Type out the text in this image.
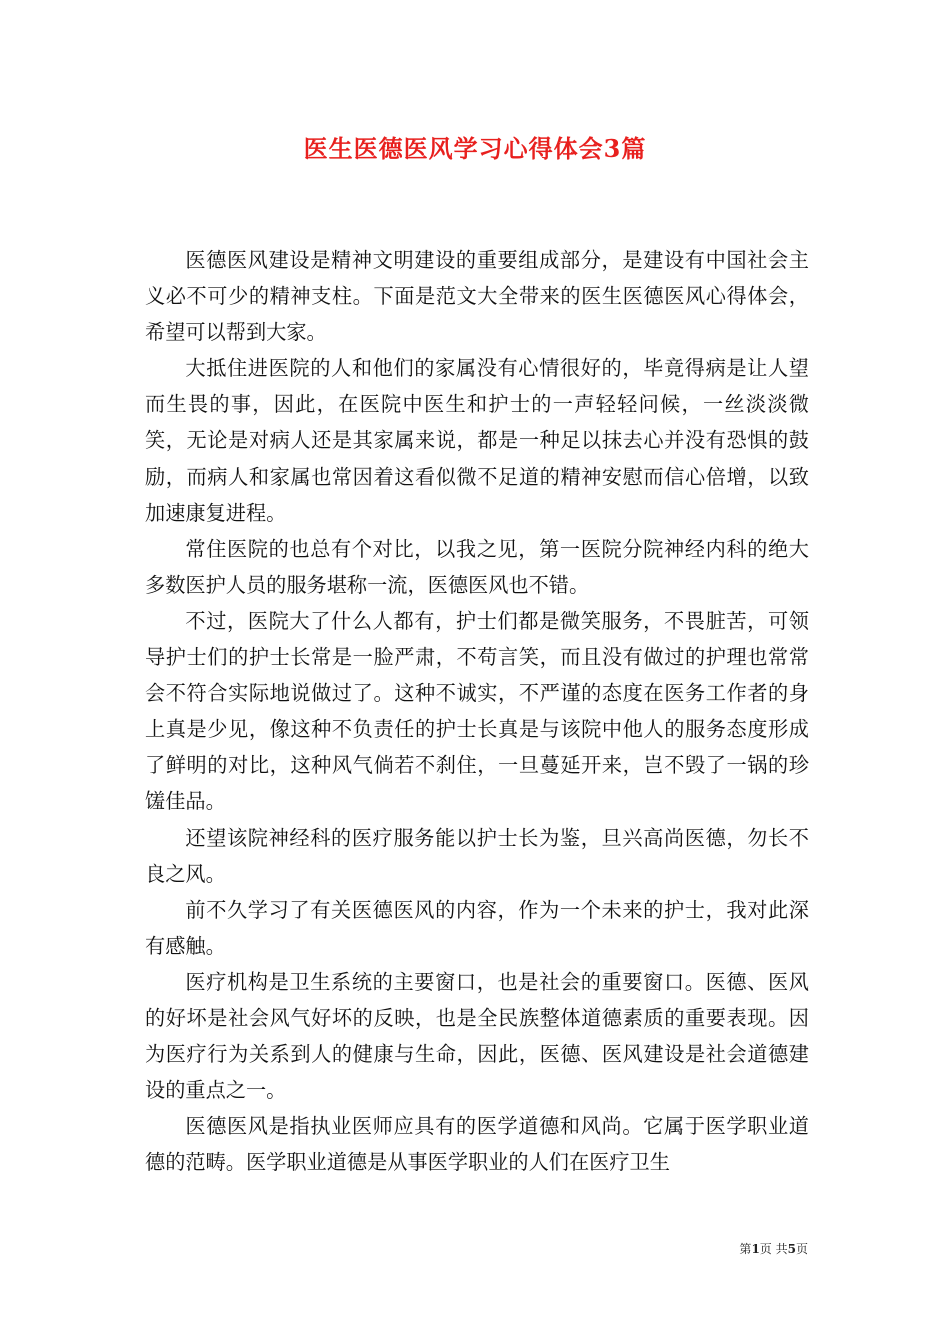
医生医德医风学习心得体会3篇

医德医风建设是精神文明建设的重要组成部分，是建设有中国社会主义必不可少的精神支柱。下面是范文大全带来的医生医德医风心得体会，希望可以帮到大家。

大抵住进医院的人和他们的家属没有心情很好的，毕竟得病是让人望而生畏的事，因此，在医院中医生和护士的一声轻轻问候，一丝淡淡微笑，无论是对病人还是其家属来说，都是一种足以抹去心并没有恐惧的鼓励，而病人和家属也常因着这看似微不足道的精神安慰而信心倍增，以致加速康复进程。

常住医院的也总有个对比，以我之见，第一医院分院神经内科的绝大多数医护人员的服务堪称一流，医德医风也不错。

不过，医院大了什么人都有，护士们都是微笑服务，不畏脏苦，可领导护士们的护士长常是一脸严肃，不苟言笑，而且没有做过的护理也常常会不符合实际地说做过了。这种不诚实，不严谨的态度在医务工作者的身上真是少见，像这种不负责任的护士长真是与该院中他人的服务态度形成了鲜明的对比，这种风气倘若不刹住，一旦蔓延开来，岂不毁了一锅的珍馐佳品。

还望该院神经科的医疗服务能以护士长为鉴，旦兴高尚医德，勿长不良之风。

前不久学习了有关医德医风的内容，作为一个未来的护士，我对此深有感触。

医疗机构是卫生系统的主要窗口，也是社会的重要窗口。医德、医风的好坏是社会风气好坏的反映，也是全民族整体道德素质的重要表现。因为医疗行为关系到人的健康与生命，因此，医德、医风建设是社会道德建设的重点之一。

医德医风是指执业医师应具有的医学道德和风尚。它属于医学职业道德的范畴。医学职业道德是从事医学职业的人们在医疗卫生

第1页 共5页
